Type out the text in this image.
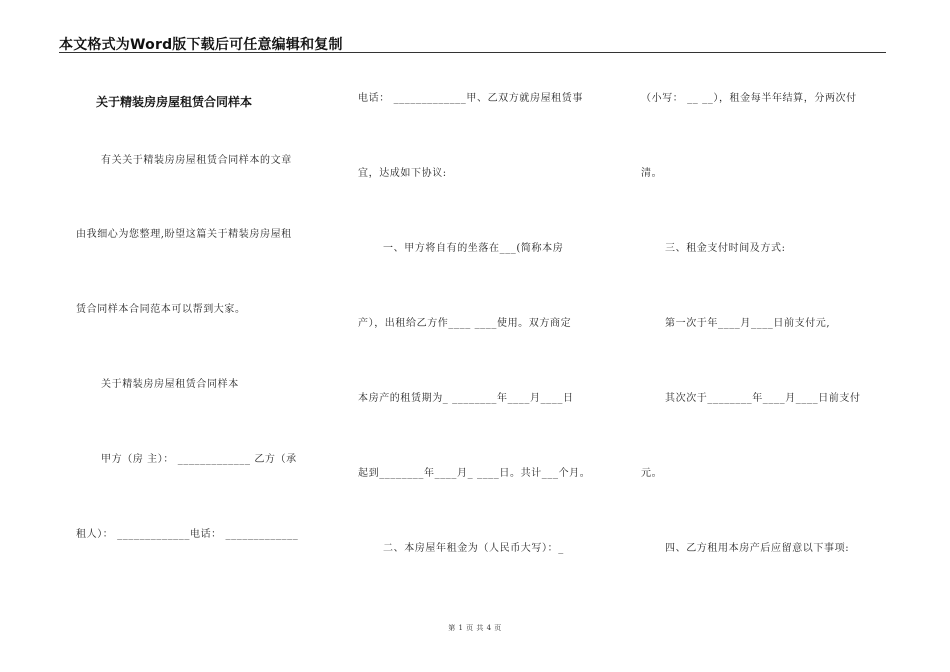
本文格式为Word版下载后可任意编辑和复制
关于精装房房屋租赁合同样本
有关关于精装房房屋租赁合同样本的文章
由我细心为您整理,盼望这篇关于精装房房屋租
赁合同样本合同范本可以帮到大家。
关于精装房房屋租赁合同样本
甲方（房 主）： _____________ 乙方（承
租人）： _____________电话： _____________
电话： _____________甲、乙双方就房屋租赁事
宜，达成如下协议:
一、甲方将自有的坐落在___(简称本房
产），出租给乙方作____ ____使用。双方商定
本房产的租赁期为_ ________年____月____日
起到________年____月_ ____日。共计___个月。
二、本房屋年租金为（人民币大写）：_
（小写： __ __），租金每半年结算，分两次付
清。
三、租金支付时间及方式:
第一次于年____月____日前支付元,
其次次于________年____月____日前支付
元。
四、乙方租用本房产后应留意以下事项:
第 1 页 共 4 页
